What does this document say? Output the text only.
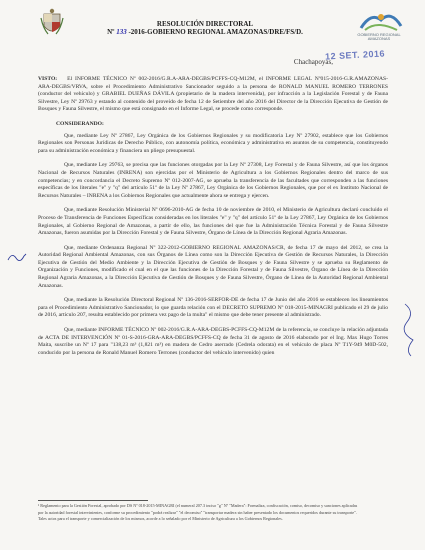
RESOLUCIÓN DIRECTORAL
Nº 133 -2016-GOBIERNO REGIONAL AMAZONAS/DRE/FS/D.	GOBIERNO REGIONAL AMAZONAS
12 SET. 2016
Chachapoyas,

VISTO: El INFORME TÉCNICO Nº 002-2016/G.R.A-ARA-DEGBS/PCFFS-CQ-M12M, el INFORME LEGAL Nº015-2016-G.R.AMAZONAS-ARA-DEGBS/VRVA, sobre el Procedimiento Administrativo Sancionador seguido a la persona de RONALD MANUEL ROMERO TERRONES (conductor del vehículo) y GRABIEL DUEÑAS DÁVILA (propietario de la madera intervenida), por infracción a la Legislación Forestal y de Fauna Silvestre, Ley Nº 29763 y estando al contenido del proveído de fecha 12 de Setiembre del año 2016 del Director de la Dirección Ejecutiva de Gestión de Bosques y Fauna Silvestre, el mismo que está consignado en el Informe Legal, se procede como corresponde.

CONSIDERANDO:

Que, mediante Ley Nº 27867, Ley Orgánica de los Gobiernos Regionales y su modificatoria Ley Nº 27902, establece que los Gobiernos Regionales son Personas Jurídicas de Derecho Público, con autonomía política, económica y administrativa en asuntos de su competencia, constituyendo para su administración económica y financiera un pliego presupuestal.

Que, mediante Ley 29763, se precisa que las funciones otorgadas por la Ley Nº 27308, Ley Forestal y de Fauna Silvestre, así que los órganos Nacional de Recursos Naturales (INRENA) son ejercidas por el Ministerio de Agricultura a los Gobiernos Regionales dentro del marco de sus competencias; y en concordancia el Decreto Supremo Nº 012-2007-AG, se aprueba la transferencia de las facultades que corresponden a las funciones específicas de los literales "e" y "q" del artículo 51º de la Ley Nº 27867, Ley Orgánica de los Gobiernos Regionales, que por el ex Instituto Nacional de Recursos Naturales – INRENA a los Gobiernos Regionales que actualmente ahora se entrega y ejercen.

Que, mediante Resolución Ministerial Nº 0696-2010-AG de fecha 10 de noviembre de 2010, el Ministerio de Agricultura declaró concluido el Proceso de Transferencia de Funciones Específicas consideradas en los literales "e" y "q" del artículo 51º de la Ley 27867, Ley Orgánica de los Gobiernos Regionales, al Gobierno Regional de Amazonas, a partir de ello, las funciones del que fue la Administración Técnica Forestal y de Fauna Silvestre Amazonas, fueron asumidas por la Dirección Forestal y de Fauna Silvestre, Órgano de Línea de la Dirección Regional Agraria Amazonas.

Que, mediante Ordenanza Regional Nº 322-2012-GOBIERNO REGIONAL AMAZONAS/CR, de fecha 17 de mayo del 2012, se crea la Autoridad Regional Ambiental Amazonas, con sus Órganos de Línea como son la Dirección Ejecutiva de Gestión de Recursos Naturales, la Dirección Ejecutiva de Gestión del Medio Ambiente y la Dirección Ejecutiva de Gestión de Bosques y de Fauna Silvestre y se aprueba su Reglamento de Organización y Funciones, modificado el cual en el que las funciones de la Dirección Forestal y de Fauna Silvestre, Órgano de Línea de la Dirección Regional Agraria Amazonas, a la Dirección Ejecutiva de Gestión de Bosques y de Fauna Silvestre, Órgano de Línea de la Autoridad Regional Ambiental Amazonas.

Que, mediante la Resolución Directoral Regional Nº 136-2016-SERFOR-DE de fecha 17 de Junio del año 2016 se establecen los lineamientos para el Procedimiento Administrativo Sancionador, lo que guarda relación con el DECRETO SUPREMO Nº 018-2015-MINAGRI publicado el 29 de julio de 2016, artículo 207, resulta establecido por primera vez pago de la multa" el mismo que debe tener presente al administrado.

Que, mediante INFORME TÉCNICO Nº 002-2016/G.R.A-ARA-DEGBS-PCFFS-CQ-M12M de la referencia, se concluye la relación adjuntada de ACTA DE INTERVENCIÓN Nº 01-S-2016-GRA-ARA-DEGBS/PCFFS-CQ de fecha 31 de agosto de 2016 elaborado por el Ing. Max Hugo Torres Maita, suscribe un Nº 17 para "138,23 m³ (1,821 m³) en madera de Cedro aserrado (Cedrela odorata) en el vehículo de placa Nº T1Y-949 M0D-502, conducido por la persona de Ronald Manuel Romero Terrones (conductor del vehículo intervenido) quien

¹ Reglamento para la Gestión Forestal, aprobado por DS Nº 018-2015-MINAGRI (el numeral 207.3 inciso "g" Nº "Madera": Formaliza, confiscación, comiso, decomiso y sanciones aplicadas

por la autoridad forestal intervinientes, conforme su procedimiento "podrá realizar" "el decomiso" "transportar madera sin haber presentado los documentos requeridos durante su transporte".

Tales actos para el transporte y comercialización de los mismos, acorde a lo señalado por el Ministerio de Agricultura a los Gobiernos Regionales.
